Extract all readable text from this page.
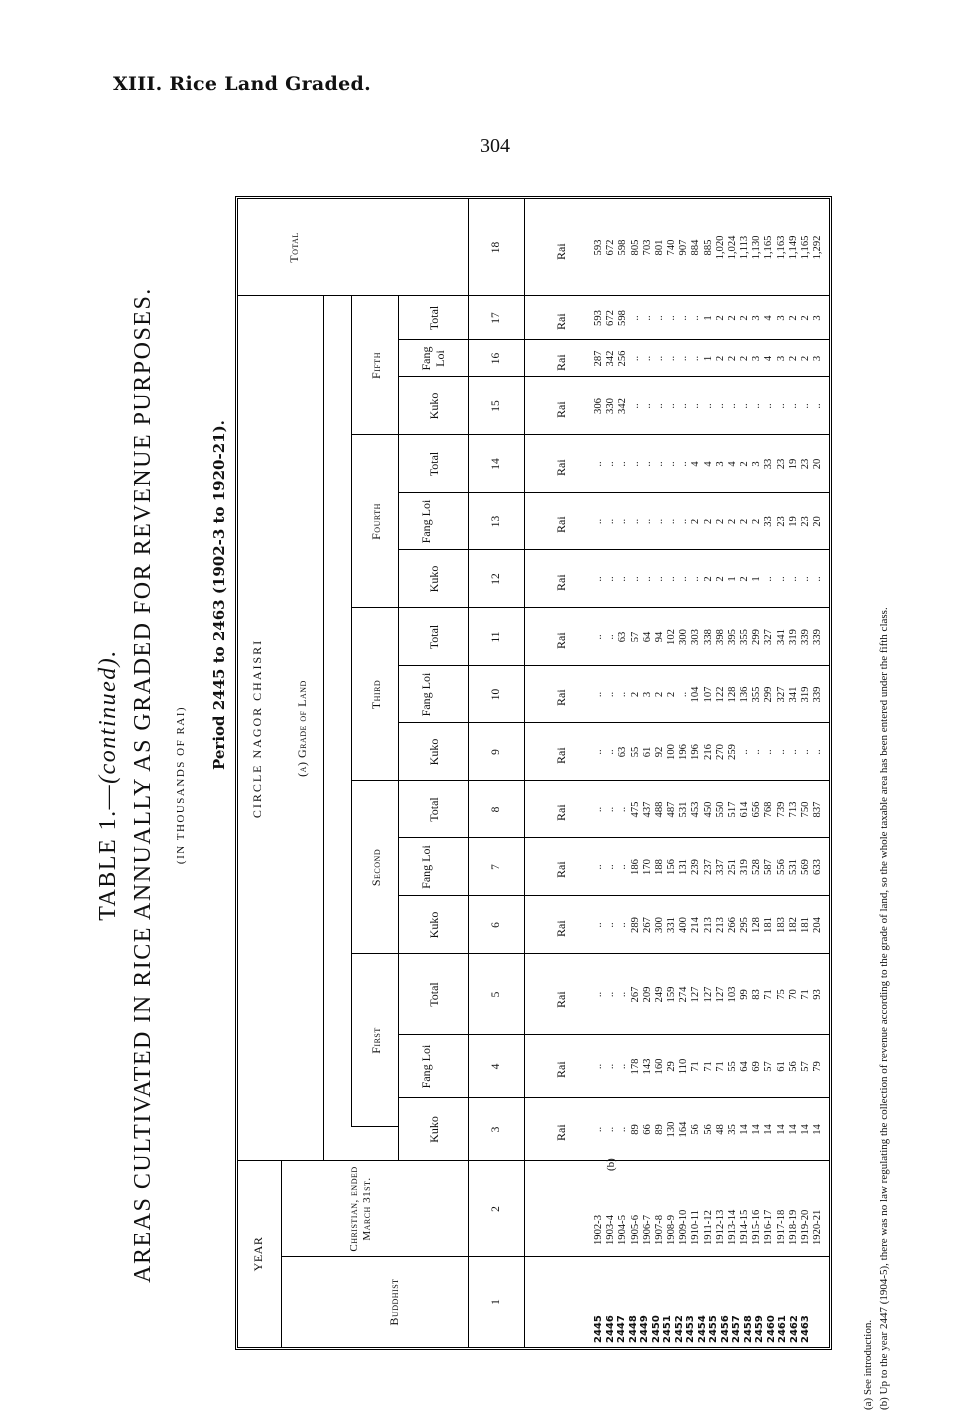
XIII. Rice Land Graded.
304
TABLE 1.—(continued). AREAS CULTIVATED IN RICE ANNUALLY AS GRADED FOR REVENUE PURPOSES. (IN THOUSANDS OF RAI)
Period 2445 to 2463 (1902-3 to 1920-21).
YEAR
Buddhist
Christian, ended March 31st.
CIRCLE NAGOR CHAISRI	(a) Grade of Land
Total
First
Second
Third
Fourth
Fifth
Kuko
Fang Loi
Total
Kuko
Fang Loi
Total
Kuko
Fang Loi
Total
Kuko
Fang Loi
Total
Kuko
Fang Loi
Total
1
2
3
4
5
6
7
8
9
10
11
12
13
14
15
16
17
18
Rai
Rai
Rai
Rai
Rai
Rai
Rai
Rai
Rai
Rai
Rai
Rai
Rai
Rai
Rai
Rai
(b)
2445 2446 2447 2448 2449 2450 2451 2452 2453 2454 2455 2456 2457 2458 2459 2460 2461 2462 2463
1902-3 1903-4 1904-5 1905-6 1906-7 1907-8 1908-9 1909-10 1910-11 1911-12 1912-13 1913-14 1914-15 1915-16 1916-17 1917-18 1918-19 1919-20 1920-21
.. .. .. 89 66 89 130 164 56 56 48 35 14 14 14 14 14 14 14
.. .. .. 178 143 160 29 110 71 71 71 55 64 69 57 61 56 57 79
.. .. .. 267 209 249 159 274 127 127 127 103 99 83 71 75 70 71 93
.. .. .. 289 267 300 331 400 214 213 213 266 295 128 181 183 182 181 204
.. .. .. 186 170 188 156 131 239 237 337 251 319 528 587 556 531 569 633
.. .. .. 475 437 488 487 531 453 450 550 517 614 656 768 739 713 750 837
.. .. 63 55 61 92 100 196 196 216 270 259 .. .. .. .. .. .. ..
.. .. .. 2 3 2 2 .. 104 107 122 128 136 355 299 327 341 319 339
.. .. 63 57 64 94 102 300 303 338 398 395 355 299 327 341 319 339 339
.. .. .. .. .. .. .. .. .. 2 2 1 2 1 .. .. .. .. ..
.. .. .. .. .. .. .. .. 2 2 2 2 2 2 33 23 19 23 20
.. .. .. .. .. .. .. .. 4 4 3 4 2 3 33 23 19 23 20
306 330 342 .. .. .. .. .. .. .. .. .. .. .. .. .. .. .. ..
287 342 256 .. .. .. .. .. .. 1 2 2 2 3 4 3 2 2 3
593 672 598 .. .. .. .. .. .. 1 2 2 2 3 4 3 2 2 3
593 672 598 805 703 801 740 907 884 885 1,020 1,024 1,113 1,130 1,165 1,163 1,149 1,165 1,292
(a) See introduction. (b) Up to the year 2447 (1904-5), there was no law regulating the collection of revenue according to the grade of land, so the whole taxable area has been entered under the fifth class.
